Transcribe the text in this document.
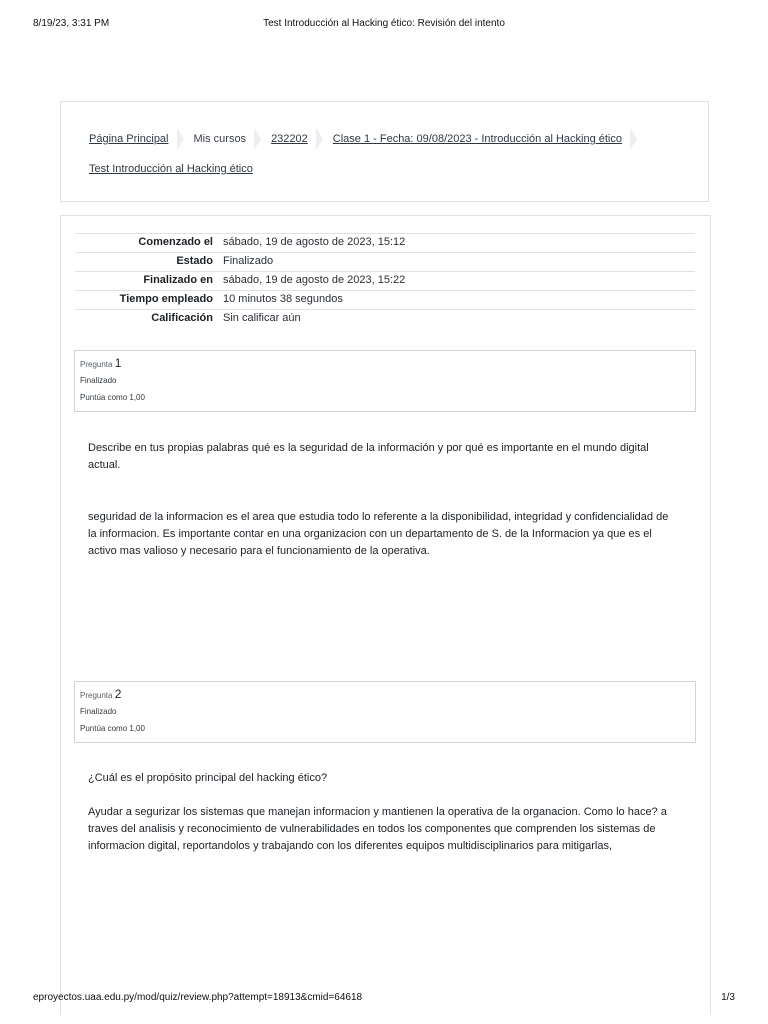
8/19/23, 3:31 PM	Test Introducción al Hacking ético: Revisión del intento
Página Principal Mis cursos 232202 Clase 1 - Fecha: 09/08/2023 - Introducción al Hacking ético
Test Introducción al Hacking ético
Comenzado el	sábado, 19 de agosto de 2023, 15:12
Estado	Finalizado
Finalizado en	sábado, 19 de agosto de 2023, 15:22
Tiempo empleado	10 minutos 38 segundos
Calificación	Sin calificar aún
Pregunta 1
Finalizado
Puntúa como 1,00
Describe en tus propias palabras qué es la seguridad de la información y por qué es importante en el mundo digital actual.
seguridad de la informacion es el area que estudia todo lo referente a la disponibilidad, integridad y confidencialidad de la informacion. Es importante contar en una organizacion con un departamento de S. de la Informacion ya que es el activo mas valioso y necesario para el funcionamiento de la operativa.
Pregunta 2
Finalizado
Puntúa como 1,00
¿Cuál es el propósito principal del hacking ético?
Ayudar a segurizar los sistemas que manejan informacion y mantienen la operativa de la organacion. Como lo hace? a traves del analisis y reconocimiento de vulnerabilidades en todos los componentes que comprenden los sistemas de informacion digital, reportandolos y trabajando con los diferentes equipos multidisciplinarios para mitigarlas,
eproyectos.uaa.edu.py/mod/quiz/review.php?attempt=18913&cmid=64618	1/3
